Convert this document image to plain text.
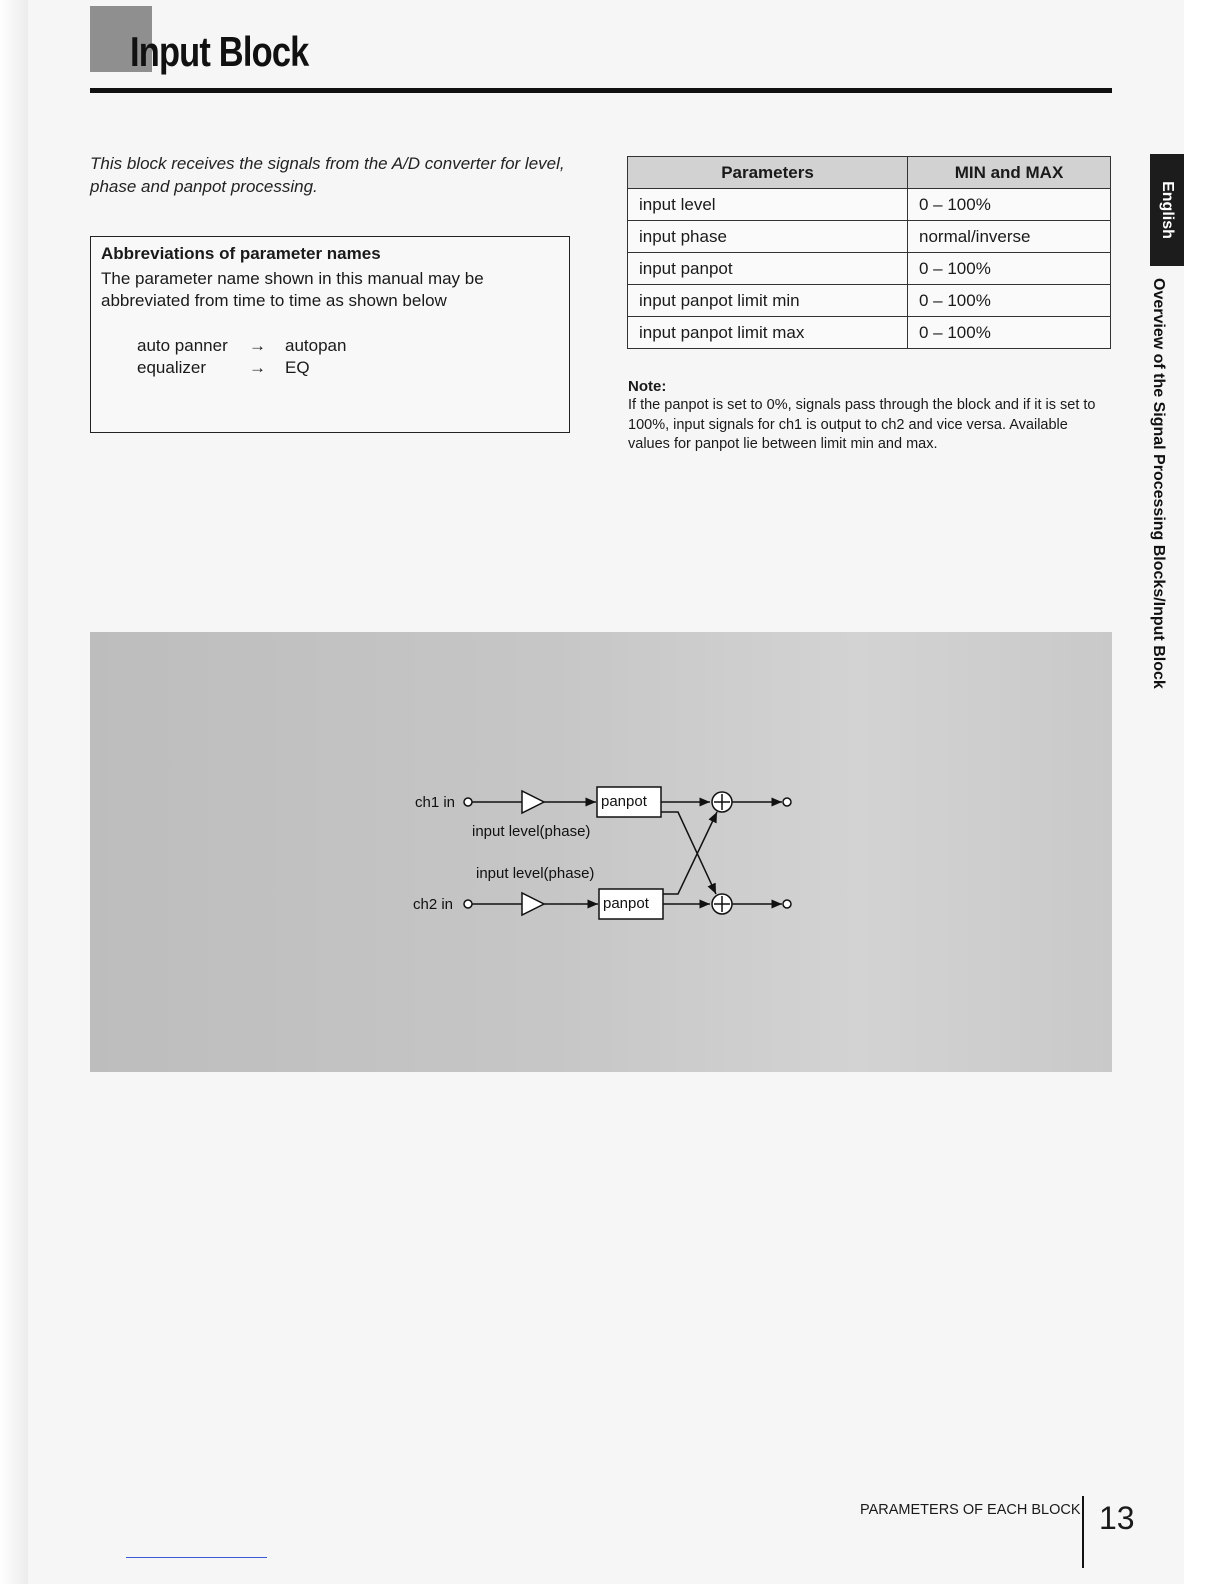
Input Block
This block receives the signals from the A/D converter for level, phase and panpot processing.
Abbreviations of parameter names
The parameter name shown in this manual may be abbreviated from time to time as shown below
auto panner → autopan
equalizer	→ EQ
Parameters	MIN and MAX
input level	0 – 100%
input phase	normal/inverse
input panpot	0 – 100%
input panpot limit min	0 – 100%
input panpot limit max	0 – 100%
Note:
If the panpot is set to 0%, signals pass through the block and if it is set to 100%, input signals for ch1 is output to ch2 and vice versa. Available values for panpot lie between limit min and max.
ch1 in
ch2 in
input level(phase)
input level(phase)
panpot
panpot
English
Overview of the Signal Processing Blocks/Input Block
PARAMETERS OF EACH BLOCK 13
